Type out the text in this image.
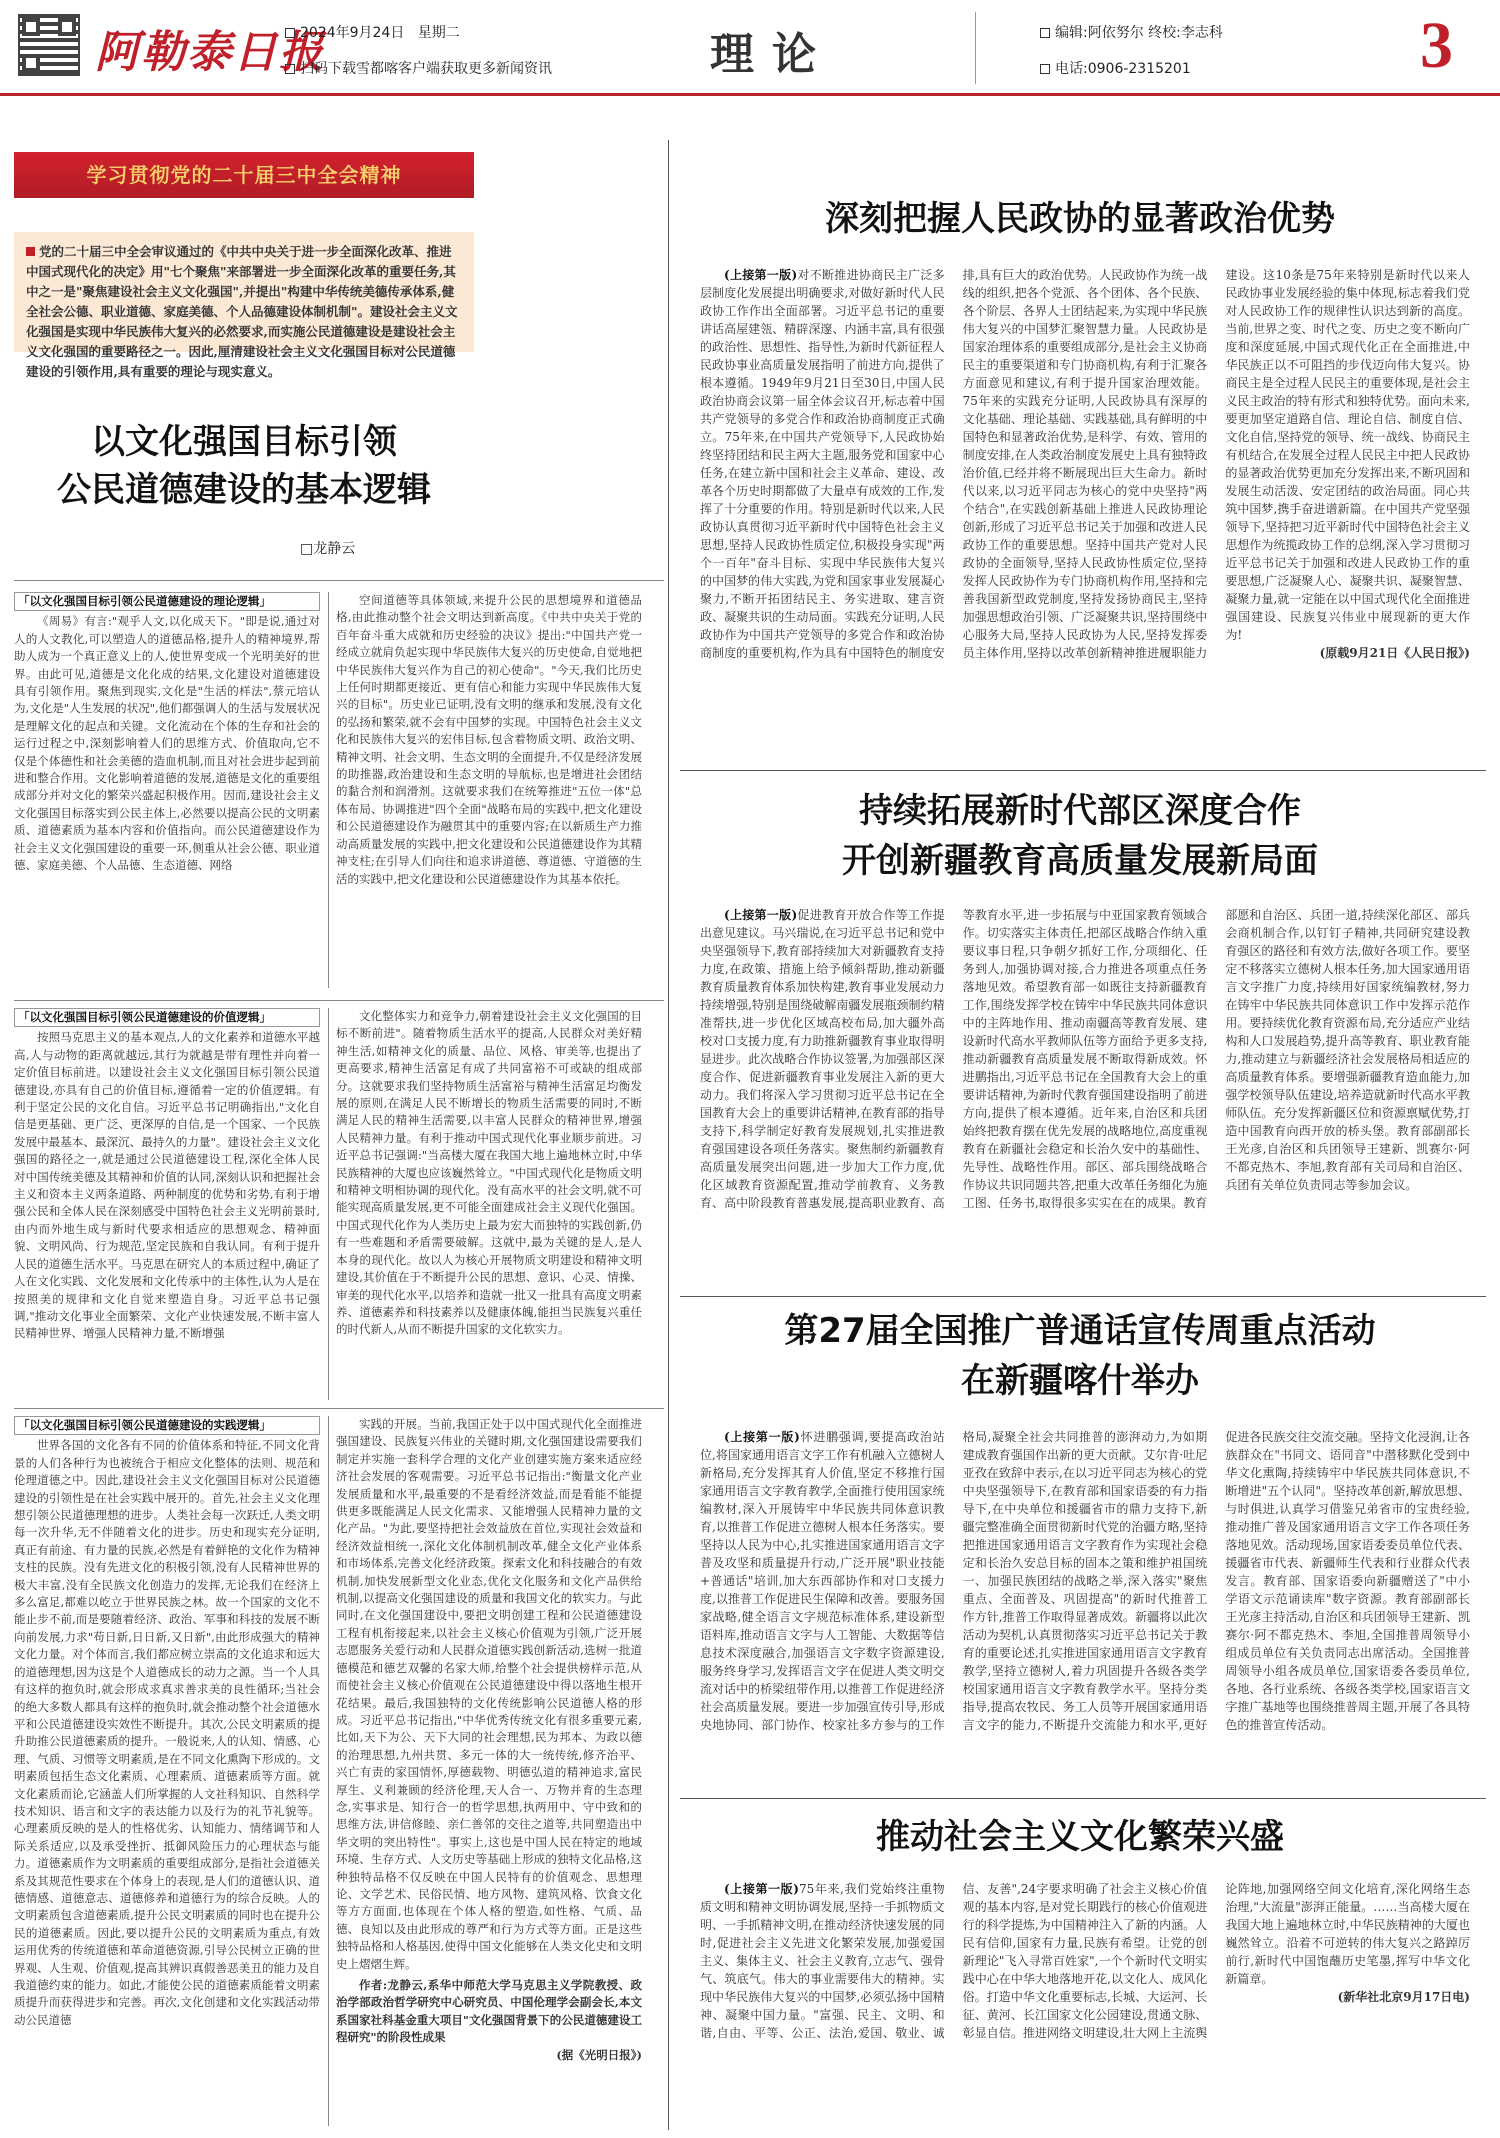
阿勒泰日报
2024年9月24日 星期二
扫码下载雪都喀客户端获取更多新闻资讯	理论	编辑:阿依努尔 终校:李志科
电话:0906-2315201	3
学习贯彻党的二十届三中全会精神
党的二十届三中全会审议通过的《中共中央关于进一步全面深化改革、推进中国式现代化的决定》用"七个聚焦"来部署进一步全面深化改革的重要任务,其中之一是"聚焦建设社会主义文化强国",并提出"构建中华传统美德传承体系,健全社会公德、职业道德、家庭美德、个人品德建设体制机制"。建设社会主义文化强国是实现中华民族伟大复兴的必然要求,而实施公民道德建设是建设社会主义文化强国的重要路径之一。因此,厘清建设社会主义文化强国目标对公民道德建设的引领作用,具有重要的理论与现实意义。
以文化强国目标引领
公民道德建设的基本逻辑
□龙静云
「以文化强国目标引领公民道德建设的理论逻辑」

《周易》有言:"观乎人文,以化成天下。"即是说,通过对人的人文教化,可以塑造人的道德品格,提升人的精神境界,帮助人成为一个真正意义上的人,使世界变成一个光明美好的世界。由此可见,道德是文化化成的结果,文化建设对道德建设具有引领作用。聚焦到现实,文化是"生活的样法",蔡元培认为,文化是"人生发展的状况",他们都强调人的生活与发展状况是理解文化的起点和关键。文化流动在个体的生存和社会的运行过程之中,深刻影响着人们的思维方式、价值取向,它不仅是个体德性和社会美德的造血机制,而且对社会进步起到前进和整合作用。文化影响着道德的发展,道德是文化的重要组成部分并对文化的繁荣兴盛起积极作用。因而,建设社会主义文化强国目标落实到公民主体上,必然要以提高公民的文明素质、道德素质为基本内容和价值指向。而公民道德建设作为社会主义文化强国建设的重要一环,侧重从社会公德、职业道德、家庭美德、个人品德、生态道德、网络

空间道德等具体领域,来提升公民的思想境界和道德品格,由此推动整个社会文明达到新高度。《中共中央关于党的百年奋斗重大成就和历史经验的决议》提出:"中国共产党一经成立就肩负起实现中华民族伟大复兴的历史使命,自觉地把中华民族伟大复兴作为自己的初心使命"。"今天,我们比历史上任何时期都更接近、更有信心和能力实现中华民族伟大复兴的目标"。历史业已证明,没有文明的继承和发展,没有文化的弘扬和繁荣,就不会有中国梦的实现。中国特色社会主义文化和民族伟大复兴的宏伟目标,包含着物质文明、政治文明、精神文明、社会文明、生态文明的全面提升,不仅是经济发展的助推器,政治建设和生态文明的导航标,也是增进社会团结的黏合剂和润滑剂。这就要求我们在统筹推进"五位一体"总体布局、协调推进"四个全面"战略布局的实践中,把文化建设和公民道德建设作为融贯其中的重要内容;在以新质生产力推动高质量发展的实践中,把文化建设和公民道德建设作为其精神支柱;在引导人们向往和追求讲道德、尊道德、守道德的生活的实践中,把文化建设和公民道德建设作为其基本依托。

「以文化强国目标引领公民道德建设的价值逻辑」

按照马克思主义的基本观点,人的文化素养和道德水平越高,人与动物的距离就越远,其行为就越是带有理性并向着一定价值目标前进。以建设社会主义文化强国目标引领公民道德建设,亦具有自己的价值目标,遵循着一定的价值逻辑。有利于坚定公民的文化自信。习近平总书记明确指出,"文化自信是更基础、更广泛、更深厚的自信,是一个国家、一个民族发展中最基本、最深沉、最持久的力量"。建设社会主义文化强国的路径之一,就是通过公民道德建设工程,深化全体人民对中国传统美德及其精神和价值的认同,深刻认识和把握社会主义和资本主义两条道路、两种制度的优势和劣势,有利于增强公民和全体人民在深刻感受中国特色社会主义光明前景时,由内而外地生成与新时代要求相适应的思想观念、精神面貌、文明风尚、行为规范,坚定民族和自我认同。有利于提升人民的道德生活水平。马克思在研究人的本质过程中,确证了人在文化实践、文化发展和文化传承中的主体性,认为人是在按照美的规律和文化自觉来塑造自身。习近平总书记强调,"推动文化事业全面繁荣、文化产业快速发展,不断丰富人民精神世界、增强人民精神力量,不断增强

文化整体实力和竞争力,朝着建设社会主义文化强国的目标不断前进"。随着物质生活水平的提高,人民群众对美好精神生活,如精神文化的质量、品位、风格、审美等,也提出了更高要求,精神生活富足有成了共同富裕不可或缺的组成部分。这就要求我们坚持物质生活富裕与精神生活富足均衡发展的原则,在满足人民不断增长的物质生活需要的同时,不断满足人民的精神生活需要,以丰富人民群众的精神世界,增强人民精神力量。有利于推动中国式现代化事业顺步前进。习近平总书记强调:"当高楼大厦在我国大地上遍地林立时,中华民族精神的大厦也应该巍然耸立。"中国式现代化是物质文明和精神文明相协调的现代化。没有高水平的社会文明,就不可能实现高质量发展,更不可能全面建成社会主义现代化强国。中国式现代化作为人类历史上最为宏大而独特的实践创新,仍有一些难题和矛盾需要破解。这就中,最为关键的是人,是人本身的现代化。故以人为核心开展物质文明建设和精神文明建设,其价值在于不断提升公民的思想、意识、心灵、情操、审美的现代化水平,以培养和造就一批又一批具有高度文明素养、道德素养和科技素养以及健康体魄,能担当民族复兴重任的时代新人,从而不断提升国家的文化软实力。

「以文化强国目标引领公民道德建设的实践逻辑」

世界各国的文化各有不同的价值体系和特征,不同文化背景的人们各种行为也被统合于相应文化整体的法则、规范和伦理道德之中。因此,建设社会主义文化强国目标对公民道德建设的引领性是在社会实践中展开的。首先,社会主义文化理想引领公民道德理想的进步。人类社会每一次跃迁,人类文明每一次升华,无不伴随着文化的进步。历史和现实充分证明,真正有前途、有力量的民族,必然是有着鲜艳的文化作为精神支柱的民族。没有先进文化的积极引领,没有人民精神世界的极大丰富,没有全民族文化创造力的发挥,无论我们在经济上多么富足,都难以屹立于世界民族之林。故一个国家的文化不能止步不前,而是要随着经济、政治、军事和科技的发展不断向前发展,力求"苟日新,日日新,又日新",由此形成强大的精神文化力量。对个体而言,我们都应树立崇高的文化追求和远大的道德理想,因为这是个人道德成长的动力之源。当一个人具有这样的抱负时,就会形成求真求善求美的良性循环;当社会的绝大多数人都具有这样的抱负时,就会推动整个社会道德水平和公民道德建设实效性不断提升。其次,公民文明素质的提升助推公民道德素质的提升。一般说来,人的认知、情感、心理、气质、习惯等文明素质,是在不同文化熏陶下形成的。文明素质包括生态文化素质、心理素质、道德素质等方面。就文化素质而论,它涵盖人们所掌握的人文社科知识、自然科学技术知识、语言和文字的表达能力以及行为的礼节礼貌等。心理素质反映的是人的性格优劣、认知能力、情绪调节和人际关系适应,以及承受挫折、抵御风险压力的心理状态与能力。道德素质作为文明素质的重要组成部分,是指社会道德关系及其规范性要求在个体身上的表现,是人们的道德认识、道德情感、道德意志、道德修养和道德行为的综合反映。人的文明素质包含道德素质,提升公民文明素质的同时也在提升公民的道德素质。因此,要以提升公民的文明素质为重点,有效运用优秀的传统道德和革命道德资源,引导公民树立正确的世界观、人生观、价值观,提高其辨识真假善恶美丑的能力及自我道德约束的能力。如此,才能使公民的道德素质能着文明素质提升而获得进步和完善。再次,文化创建和文化实践活动带动公民道德

实践的开展。当前,我国正处于以中国式现代化全面推进强国建设、民族复兴伟业的关键时期,文化强国建设需要我们制定并实施一套科学合理的文化产业创建实施方案来适应经济社会发展的客观需要。习近平总书记指出:"衡量文化产业发展质量和水平,最重要的不是看经济效益,而是看能不能提供更多既能满足人民文化需求、又能增强人民精神力量的文化产品。"为此,要坚持把社会效益放在首位,实现社会效益和经济效益相统一,深化文化体制机制改革,健全文化产业体系和市场体系,完善文化经济政策。探索文化和科技融合的有效机制,加快发展新型文化业态,优化文化服务和文化产品供给机制,以提高文化强国建设的质量和我国文化的软实力。与此同时,在文化强国建设中,要把文明创建工程和公民道德建设工程有机衔接起来,以社会主义核心价值观为引领,广泛开展志愿服务关爱行动和人民群众道德实践创新活动,选树一批道德模范和德艺双馨的名家大师,给整个社会提供榜样示范,从而使社会主义核心价值观在公民道德建设中得以落地生根开花结果。最后,我国独特的文化传统影响公民道德人格的形成。习近平总书记指出,"中华优秀传统文化有很多重要元素,比如,天下为公、天下大同的社会理想,民为邦本、为政以德的治理思想,九州共贯、多元一体的大一统传统,修齐治平、兴亡有责的家国情怀,厚德载物、明德弘道的精神追求,富民厚生、义利兼顾的经济伦理,天人合一、万物并育的生态理念,实事求是、知行合一的哲学思想,执两用中、守中致和的思维方法,讲信修睦、亲仁善邻的交往之道等,共同塑造出中华文明的突出特性"。事实上,这也是中国人民在特定的地域环境、生存方式、人文历史等基础上形成的独特文化品格,这种独特品格不仅反映在中国人民特有的价值观念、思想理论、文学艺术、民俗民情、地方风物、建筑风格、饮食文化等方方面面,也体现在个体人格的塑造,如性格、气质、品德、良知以及由此形成的尊严和行为方式等方面。正是这些独特品格和人格基因,使得中国文化能够在人类文化史和文明史上熠熠生辉。

作者:龙静云,系华中师范大学马克思主义学院教授、政治学部政治哲学研究中心研究员、中国伦理学会副会长,本文系国家社科基金重大项目"文化强国背景下的公民道德建设工程研究"的阶段性成果

(据《光明日报》)
深刻把握人民政协的显著政治优势

(上接第一版)对不断推进协商民主广泛多层制度化发展提出明确要求,对做好新时代人民政协工作作出全面部署。习近平总书记的重要讲话高屋建瓴、精辟深邃、内涵丰富,具有很强的政治性、思想性、指导性,为新时代新征程人民政协事业高质量发展指明了前进方向,提供了根本遵循。1949年9月21日至30日,中国人民政治协商会议第一届全体会议召开,标志着中国共产党领导的多党合作和政治协商制度正式确立。75年来,在中国共产党领导下,人民政协始终坚持团结和民主两大主题,服务党和国家中心任务,在建立新中国和社会主义革命、建设、改革各个历史时期都做了大量卓有成效的工作,发挥了十分重要的作用。特别是新时代以来,人民政协认真贯彻习近平新时代中国特色社会主义思想,坚持人民政协性质定位,积极投身实现"两个一百年"奋斗目标、实现中华民族伟大复兴的中国梦的伟大实践,为党和国家事业发展凝心聚力,不断开拓团结民主、务实进取、建言资政、凝聚共识的生动局面。实践充分证明,人民政协作为中国共产党领导的多党合作和政治协商制度的重要机构,作为具有中国特色的制度安排,具有巨大的政治优势。人民政协作为统一战线的组织,把各个党派、各个团体、各个民族、各个阶层、各界人士团结起来,为实现中华民族伟大复兴的中国梦汇聚智慧力量。人民政协是国家治理体系的重要组成部分,是社会主义协商民主的重要渠道和专门协商机构,有利于汇聚各方面意见和建议,有利于提升国家治理效能。75年来的实践充分证明,人民政协具有深厚的文化基础、理论基础、实践基础,具有鲜明的中国特色和显著政治优势,是科学、有效、管用的制度安排,在人类政治制度发展史上具有独特政治价值,已经并将不断展现出巨大生命力。新时代以来,以习近平同志为核心的党中央坚持"两个结合",在实践创新基础上推进人民政协理论创新,形成了习近平总书记关于加强和改进人民政协工作的重要思想。坚持中国共产党对人民政协的全面领导,坚持人民政协性质定位,坚持发挥人民政协作为专门协商机构作用,坚持和完善我国新型政党制度,坚持发扬协商民主,坚持加强思想政治引领、广泛凝聚共识,坚持围绕中心服务大局,坚持人民政协为人民,坚持发挥委员主体作用,坚持以改革创新精神推进履职能力建设。这10条是75年来特别是新时代以来人民政协事业发展经验的集中体现,标志着我们党对人民政协工作的规律性认识达到新的高度。当前,世界之变、时代之变、历史之变不断向广度和深度延展,中国式现代化正在全面推进,中华民族正以不可阻挡的步伐迈向伟大复兴。协商民主是全过程人民民主的重要体现,是社会主义民主政治的特有形式和独特优势。面向未来,要更加坚定道路自信、理论自信、制度自信、文化自信,坚持党的领导、统一战线、协商民主有机结合,在发展全过程人民民主中把人民政协的显著政治优势更加充分发挥出来,不断巩固和发展生动活泼、安定团结的政治局面。同心共筑中国梦,携手奋进谱新篇。在中国共产党坚强领导下,坚持把习近平新时代中国特色社会主义思想作为统揽政协工作的总纲,深入学习贯彻习近平总书记关于加强和改进人民政协工作的重要思想,广泛凝聚人心、凝聚共识、凝聚智慧、凝聚力量,就一定能在以中国式现代化全面推进强国建设、民族复兴伟业中展现新的更大作为!

(原载9月21日《人民日报》)
持续拓展新时代部区深度合作
开创新疆教育高质量发展新局面

(上接第一版)促进教育开放合作等工作提出意见建议。马兴瑞说,在习近平总书记和党中央坚强领导下,教育部持续加大对新疆教育支持力度,在政策、措施上给予倾斜帮助,推动新疆教育质量教育体系加快构建,教育事业发展动力持续增强,特别是围绕破解南疆发展瓶颈制约精准帮扶,进一步优化区域高校布局,加大疆外高校对口支援力度,有力助推新疆教育事业取得明显进步。此次战略合作协议签署,为加强部区深度合作、促进新疆教育事业发展注入新的更大动力。我们将深入学习贯彻习近平总书记在全国教育大会上的重要讲话精神,在教育部的指导支持下,科学制定好教育发展规划,扎实推进教育强国建设各项任务落实。聚焦制约新疆教育高质量发展突出问题,进一步加大工作力度,优化区域教育资源配置,推动学前教育、义务教育、高中阶段教育普惠发展,提高职业教育、高等教育水平,进一步拓展与中亚国家教育领域合作。切实落实主体责任,把部区战略合作纳入重要议事日程,只争朝夕抓好工作,分项细化、任务到人,加强协调对接,合力推进各项重点任务落地见效。希望教育部一如既往支持新疆教育工作,围绕发挥学校在铸牢中华民族共同体意识中的主阵地作用、推动南疆高等教育发展、建设新时代高水平教师队伍等方面给予更多支持,推动新疆教育高质量发展不断取得新成效。怀进鹏指出,习近平总书记在全国教育大会上的重要讲话精神,为新时代教育强国建设指明了前进方向,提供了根本遵循。近年来,自治区和兵团始终把教育摆在优先发展的战略地位,高度重视教育在新疆社会稳定和长治久安中的基础性、先导性、战略性作用。部区、部兵围绕战略合作协议共识同题共答,把重大改革任务细化为施工图、任务书,取得很多实实在在的成果。教育部愿和自治区、兵团一道,持续深化部区、部兵会商机制合作,以钉钉子精神,共同研究建设教育强区的路径和有效方法,做好各项工作。要坚定不移落实立德树人根本任务,加大国家通用语言文字推广力度,持续用好国家统编教材,努力在铸牢中华民族共同体意识工作中发挥示范作用。要持续优化教育资源布局,充分适应产业结构和人口发展趋势,提升高等教育、职业教育能力,推动建立与新疆经济社会发展格局相适应的高质量教育体系。要增强新疆教育造血能力,加强学校领导队伍建设,培养造就新时代高水平教师队伍。充分发挥新疆区位和资源禀赋优势,打造中国教育向西开放的桥头堡。教育部副部长王光彦,自治区和兵团领导王建新、凯赛尔·阿不都克热木、李旭,教育部有关司局和自治区、兵团有关单位负责同志等参加会议。

第27届全国推广普通话宣传周重点活动
在新疆喀什举办

(上接第一版)怀进鹏强调,要提高政治站位,将国家通用语言文字工作有机融入立德树人新格局,充分发挥其育人价值,坚定不移推行国家通用语言文字教育教学,全面推行使用国家统编教材,深入开展铸牢中华民族共同体意识教育,以推普工作促进立德树人根本任务落实。要坚持以人民为中心,扎实推进国家通用语言文字普及攻坚和质量提升行动,广泛开展"职业技能+普通话"培训,加大东西部协作和对口支援力度,以推普工作促进民生保障和改善。要服务国家战略,健全语言文字规范标准体系,建设新型语料库,推动语言文字与人工智能、大数据等信息技术深度融合,加强语言文字数字资源建设,服务终身学习,发挥语言文字在促进人类文明交流对话中的桥梁纽带作用,以推普工作促进经济社会高质量发展。要进一步加强宣传引导,形成央地协同、部门协作、校家社多方参与的工作格局,凝聚全社会共同推普的澎湃动力,为如期建成教育强国作出新的更大贡献。艾尔肯·吐尼亚孜在致辞中表示,在以习近平同志为核心的党中央坚强领导下,在教育部和国家语委的有力指导下,在中央单位和援疆省市的鼎力支持下,新疆完整准确全面贯彻新时代党的治疆方略,坚持把推进国家通用语言文字教育作为实现社会稳定和长治久安总目标的固本之策和维护祖国统一、加强民族团结的战略之举,深入落实"聚焦重点、全面普及、巩固提高"的新时代推普工作方针,推普工作取得显著成效。新疆将以此次活动为契机,认真贯彻落实习近平总书记关于教育的重要论述,扎实推进国家通用语言文字教育教学,坚持立德树人,着力巩固提升各级各类学校国家通用语言文字教育教学水平。坚持分类指导,提高农牧民、务工人员等开展国家通用语言文字的能力,不断提升交流能力和水平,更好促进各民族交往交流交融。坚持文化浸润,让各族群众在"书同文、语同音"中潜移默化受到中华文化熏陶,持续铸牢中华民族共同体意识,不断增进"五个认同"。坚持改革创新,解放思想、与时俱进,认真学习借鉴兄弟省市的宝贵经验,推动推广普及国家通用语言文字工作各项任务落地见效。活动现场,国家语委委员单位代表、援疆省市代表、新疆师生代表和行业群众代表发言。教育部、国家语委向新疆赠送了"中小学语文示范诵读库"数字资源。教育部副部长王光彦主持活动,自治区和兵团领导王建新、凯赛尔·阿不都克热木、李旭,全国推普周领导小组成员单位有关负责同志出席活动。全国推普周领导小组各成员单位,国家语委各委员单位,各地、各行业系统、各级各类学校,国家语言文字推广基地等也围绕推普周主题,开展了各具特色的推普宣传活动。

推动社会主义文化繁荣兴盛

(上接第一版)75年来,我们党始终注重物质文明和精神文明协调发展,坚持一手抓物质文明、一手抓精神文明,在推动经济快速发展的同时,促进社会主义先进文化繁荣发展,加强爱国主义、集体主义、社会主义教育,立志气、强骨气、筑底气。伟大的事业需要伟大的精神。实现中华民族伟大复兴的中国梦,必须弘扬中国精神、凝聚中国力量。"富强、民主、文明、和谐,自由、平等、公正、法治,爱国、敬业、诚信、友善",24字要求明确了社会主义核心价值观的基本内容,是对党长期践行的核心价值观进行的科学提炼,为中国精神注入了新的内涵。人民有信仰,国家有力量,民族有希望。让党的创新理论"飞入寻常百姓家",一个个新时代文明实践中心在中华大地落地开花,以文化人、成风化俗。打造中华文化重要标志,长城、大运河、长征、黄河、长江国家文化公园建设,贯通文脉、彰显自信。推进网络文明建设,壮大网上主流舆论阵地,加强网络空间文化培育,深化网络生态治理,"大流量"澎湃正能量。……当高楼大厦在我国大地上遍地林立时,中华民族精神的大厦也巍然耸立。沿着不可逆转的伟大复兴之路踔厉前行,新时代中国饱蘸历史笔墨,挥写中华文化新篇章。

(新华社北京9月17日电)
